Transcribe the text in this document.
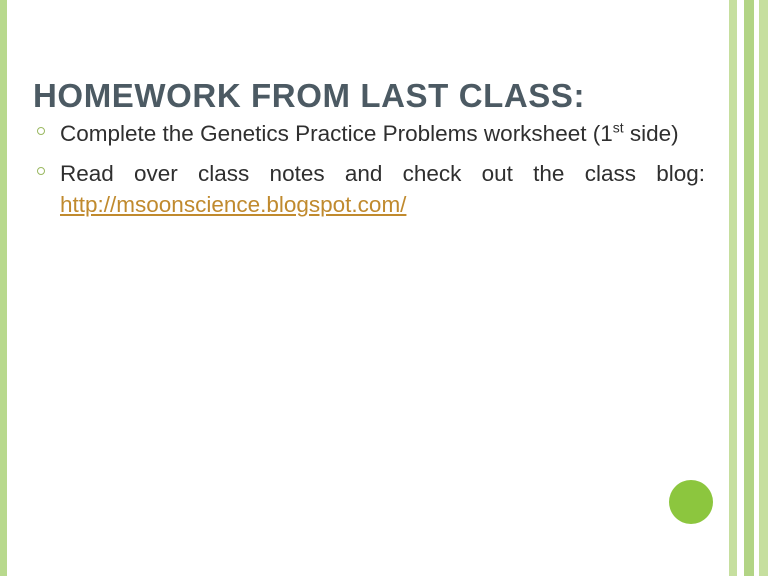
HOMEWORK FROM LAST CLASS:
Complete the Genetics Practice Problems worksheet (1st side)
Read over class notes and check out the class blog:
http://msoonscience.blogspot.com/
